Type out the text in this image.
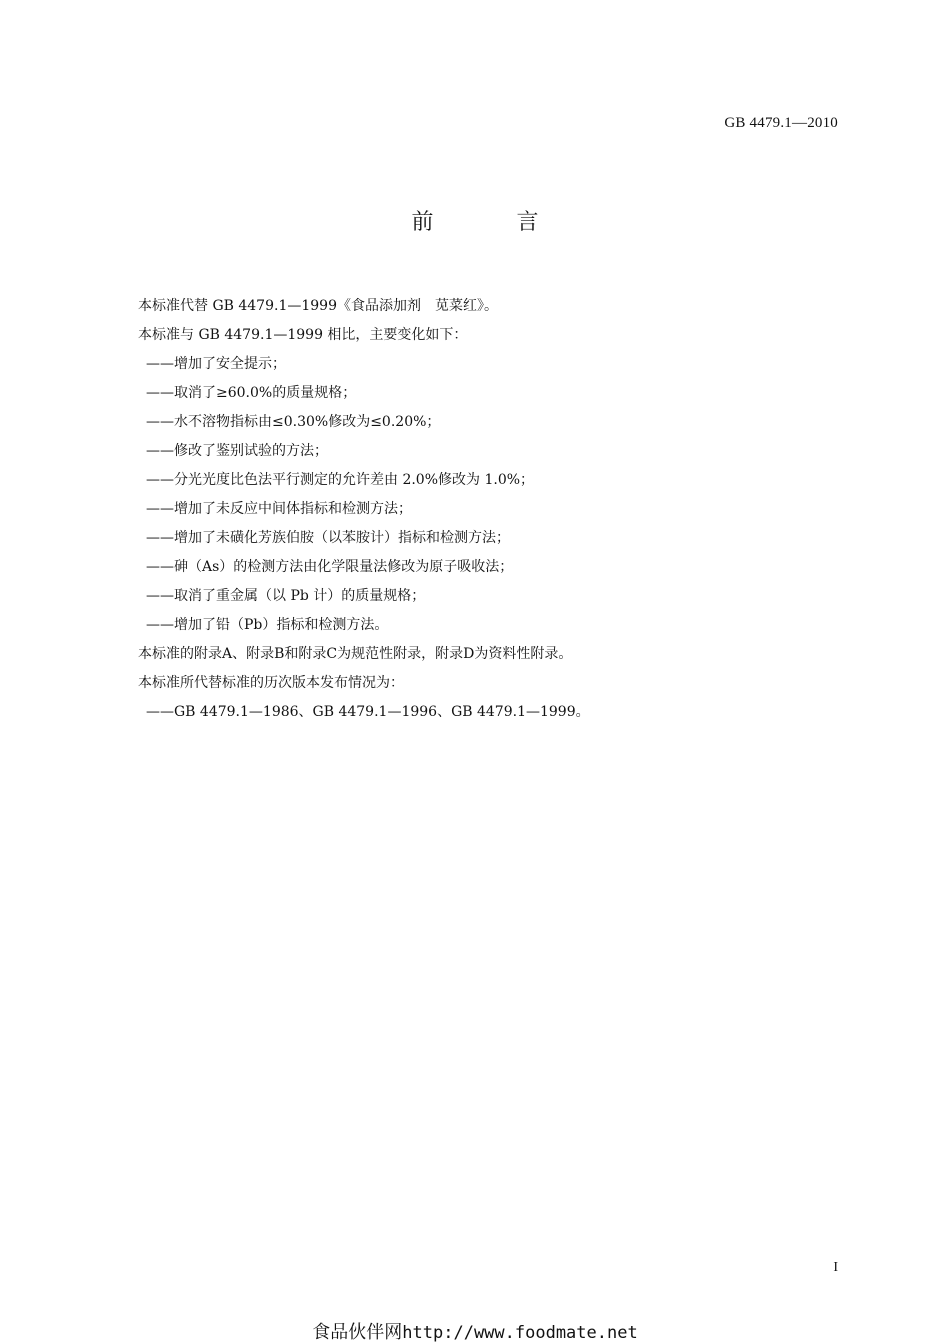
GB 4479.1—2010
前 言
本标准代替 GB 4479.1—1999《食品添加剂　苋菜红》。
本标准与 GB 4479.1—1999 相比，主要变化如下：
——增加了安全提示；
——取消了≥60.0%的质量规格；
——水不溶物指标由≤0.30%修改为≤0.20%；
——修改了鉴别试验的方法；
——分光光度比色法平行测定的允许差由 2.0%修改为 1.0%；
——增加了未反应中间体指标和检测方法；
——增加了未磺化芳族伯胺（以苯胺计）指标和检测方法；
——砷（As）的检测方法由化学限量法修改为原子吸收法；
——取消了重金属（以 Pb 计）的质量规格；
——增加了铅（Pb）指标和检测方法。
本标准的附录A、附录B和附录C为规范性附录，附录D为资料性附录。
本标准所代替标准的历次版本发布情况为：
——GB 4479.1—1986、GB 4479.1—1996、GB 4479.1—1999。
I
食品伙伴网http://www.foodmate.net
